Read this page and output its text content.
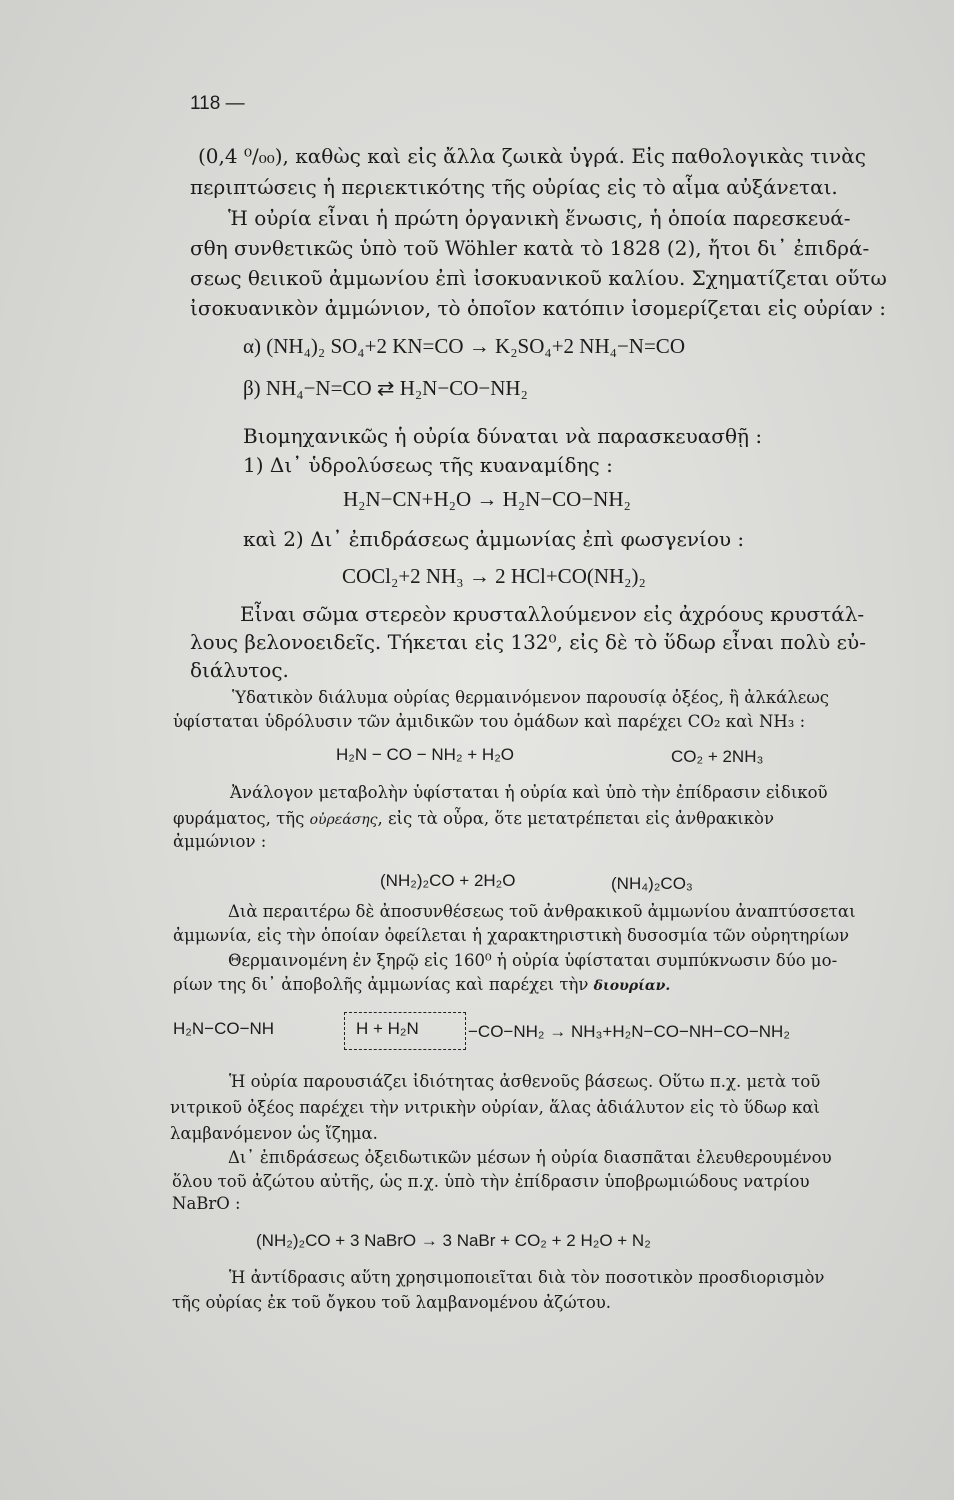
118 —
(0,4 ⁰/₀₀), καθὼς καὶ εἰς ἄλλα ζωικὰ ὑγρά. Εἰς παθολογικὰς τινὰς
περιπτώσεις ἡ περιεκτικότης τῆς οὐρίας εἰς τὸ αἷμα αὐξάνεται.
Ἡ οὐρία εἶναι ἡ πρώτη ὀργανικὴ ἕνωσις, ἡ ὁποία παρεσκευά-
σθη συνθετικῶς ὑπὸ τοῦ Wöhler κατὰ τὸ 1828 (2), ἤτοι δι᾽ ἐπιδρά-
σεως θειικοῦ ἀμμωνίου ἐπὶ ἰσοκυανικοῦ καλίου. Σχηματίζεται οὕτω
ἰσοκυανικὸν ἀμμώνιον, τὸ ὁποῖον κατόπιν ἰσομερίζεται εἰς οὐρίαν :
α) (NH₄)₂ SO₄+2 KN=CO → K₂SO₄+2 NH₄−N=CO
β) NH₄−N=CO ⇄ H₂N−CO−NH₂
Βιομηχανικῶς ἡ οὐρία δύναται νὰ παρασκευασθῇ :
1) Δι᾽ ὑδρολύσεως τῆς κυαναμίδης :
H₂N−CN+H₂O → H₂N−CO−NH₂
καὶ 2) Δι᾽ ἐπιδράσεως ἀμμωνίας ἐπὶ φωσγενίου :
COCl₂+2 NH₃ → 2 HCl+CO(NH₂)₂
Εἶναι σῶμα στερεὸν κρυσταλλούμενον εἰς ἀχρόους κρυστάλ-
λους βελονοειδεῖς. Τήκεται εἰς 132⁰, εἰς δὲ τὸ ὕδωρ εἶναι πολὺ εὐ-
διάλυτος.
Ὑδατικὸν διάλυμα οὐρίας θερμαινόμενον παρουσίᾳ ὀξέος, ἢ ἀλκάλεως
ὑφίσταται ὑδρόλυσιν τῶν ἀμιδικῶν του ὁμάδων καὶ παρέχει CO₂ καὶ NH₃ :
H₂N − CO − NH₂ + H₂O	CO₂ + 2NH₃
Ἀνάλογον μεταβολὴν ὑφίσταται ἡ οὐρία καὶ ὑπὸ τὴν ἐπίδρασιν εἰδικοῦ
φυράματος, τῆς οὐρεάσης, εἰς τὰ οὖρα, ὅτε μετατρέπεται εἰς ἀνθρακικὸν
ἀμμώνιον :
(NH₂)₂CO + 2H₂O	(NH₄)₂CO₃
Διὰ περαιτέρω δὲ ἀποσυνθέσεως τοῦ ἀνθρακικοῦ ἀμμωνίου ἀναπτύσσεται
ἀμμωνία, εἰς τὴν ὁποίαν ὀφείλεται ἡ χαρακτηριστικὴ δυσοσμία τῶν οὐρητηρίων
Θερμαινομένη ἐν ξηρῷ εἰς 160⁰ ἡ οὐρία ὑφίσταται συμπύκνωσιν δύο μο-
ρίων της δι᾽ ἀποβολῆς ἀμμωνίας καὶ παρέχει τὴν διουρίαν.
H₂N−CO−NH	H + H₂N	−CO−NH₂ → NH₃+H₂N−CO−NH−CO−NH₂
Ἡ οὐρία παρουσιάζει ἰδιότητας ἀσθενοῦς βάσεως. Οὕτω π.χ. μετὰ τοῦ
νιτρικοῦ ὀξέος παρέχει τὴν νιτρικὴν οὐρίαν, ἅλας ἀδιάλυτον εἰς τὸ ὕδωρ καὶ
λαμβανόμενον ὡς ἴζημα.
Δι᾽ ἐπιδράσεως ὀξειδωτικῶν μέσων ἡ οὐρία διασπᾶται ἐλευθερουμένου
ὅλου τοῦ ἀζώτου αὐτῆς, ὡς π.χ. ὑπὸ τὴν ἐπίδρασιν ὑποβρωμιώδους νατρίου
NaBrO :
(NH₂)₂CO + 3 NaBrO → 3 NaBr + CO₂ + 2 H₂O + N₂
Ἡ ἀντίδρασις αὕτη χρησιμοποιεῖται διὰ τὸν ποσοτικὸν προσδιορισμὸν
τῆς οὐρίας ἐκ τοῦ ὄγκου τοῦ λαμβανομένου ἀζώτου.
